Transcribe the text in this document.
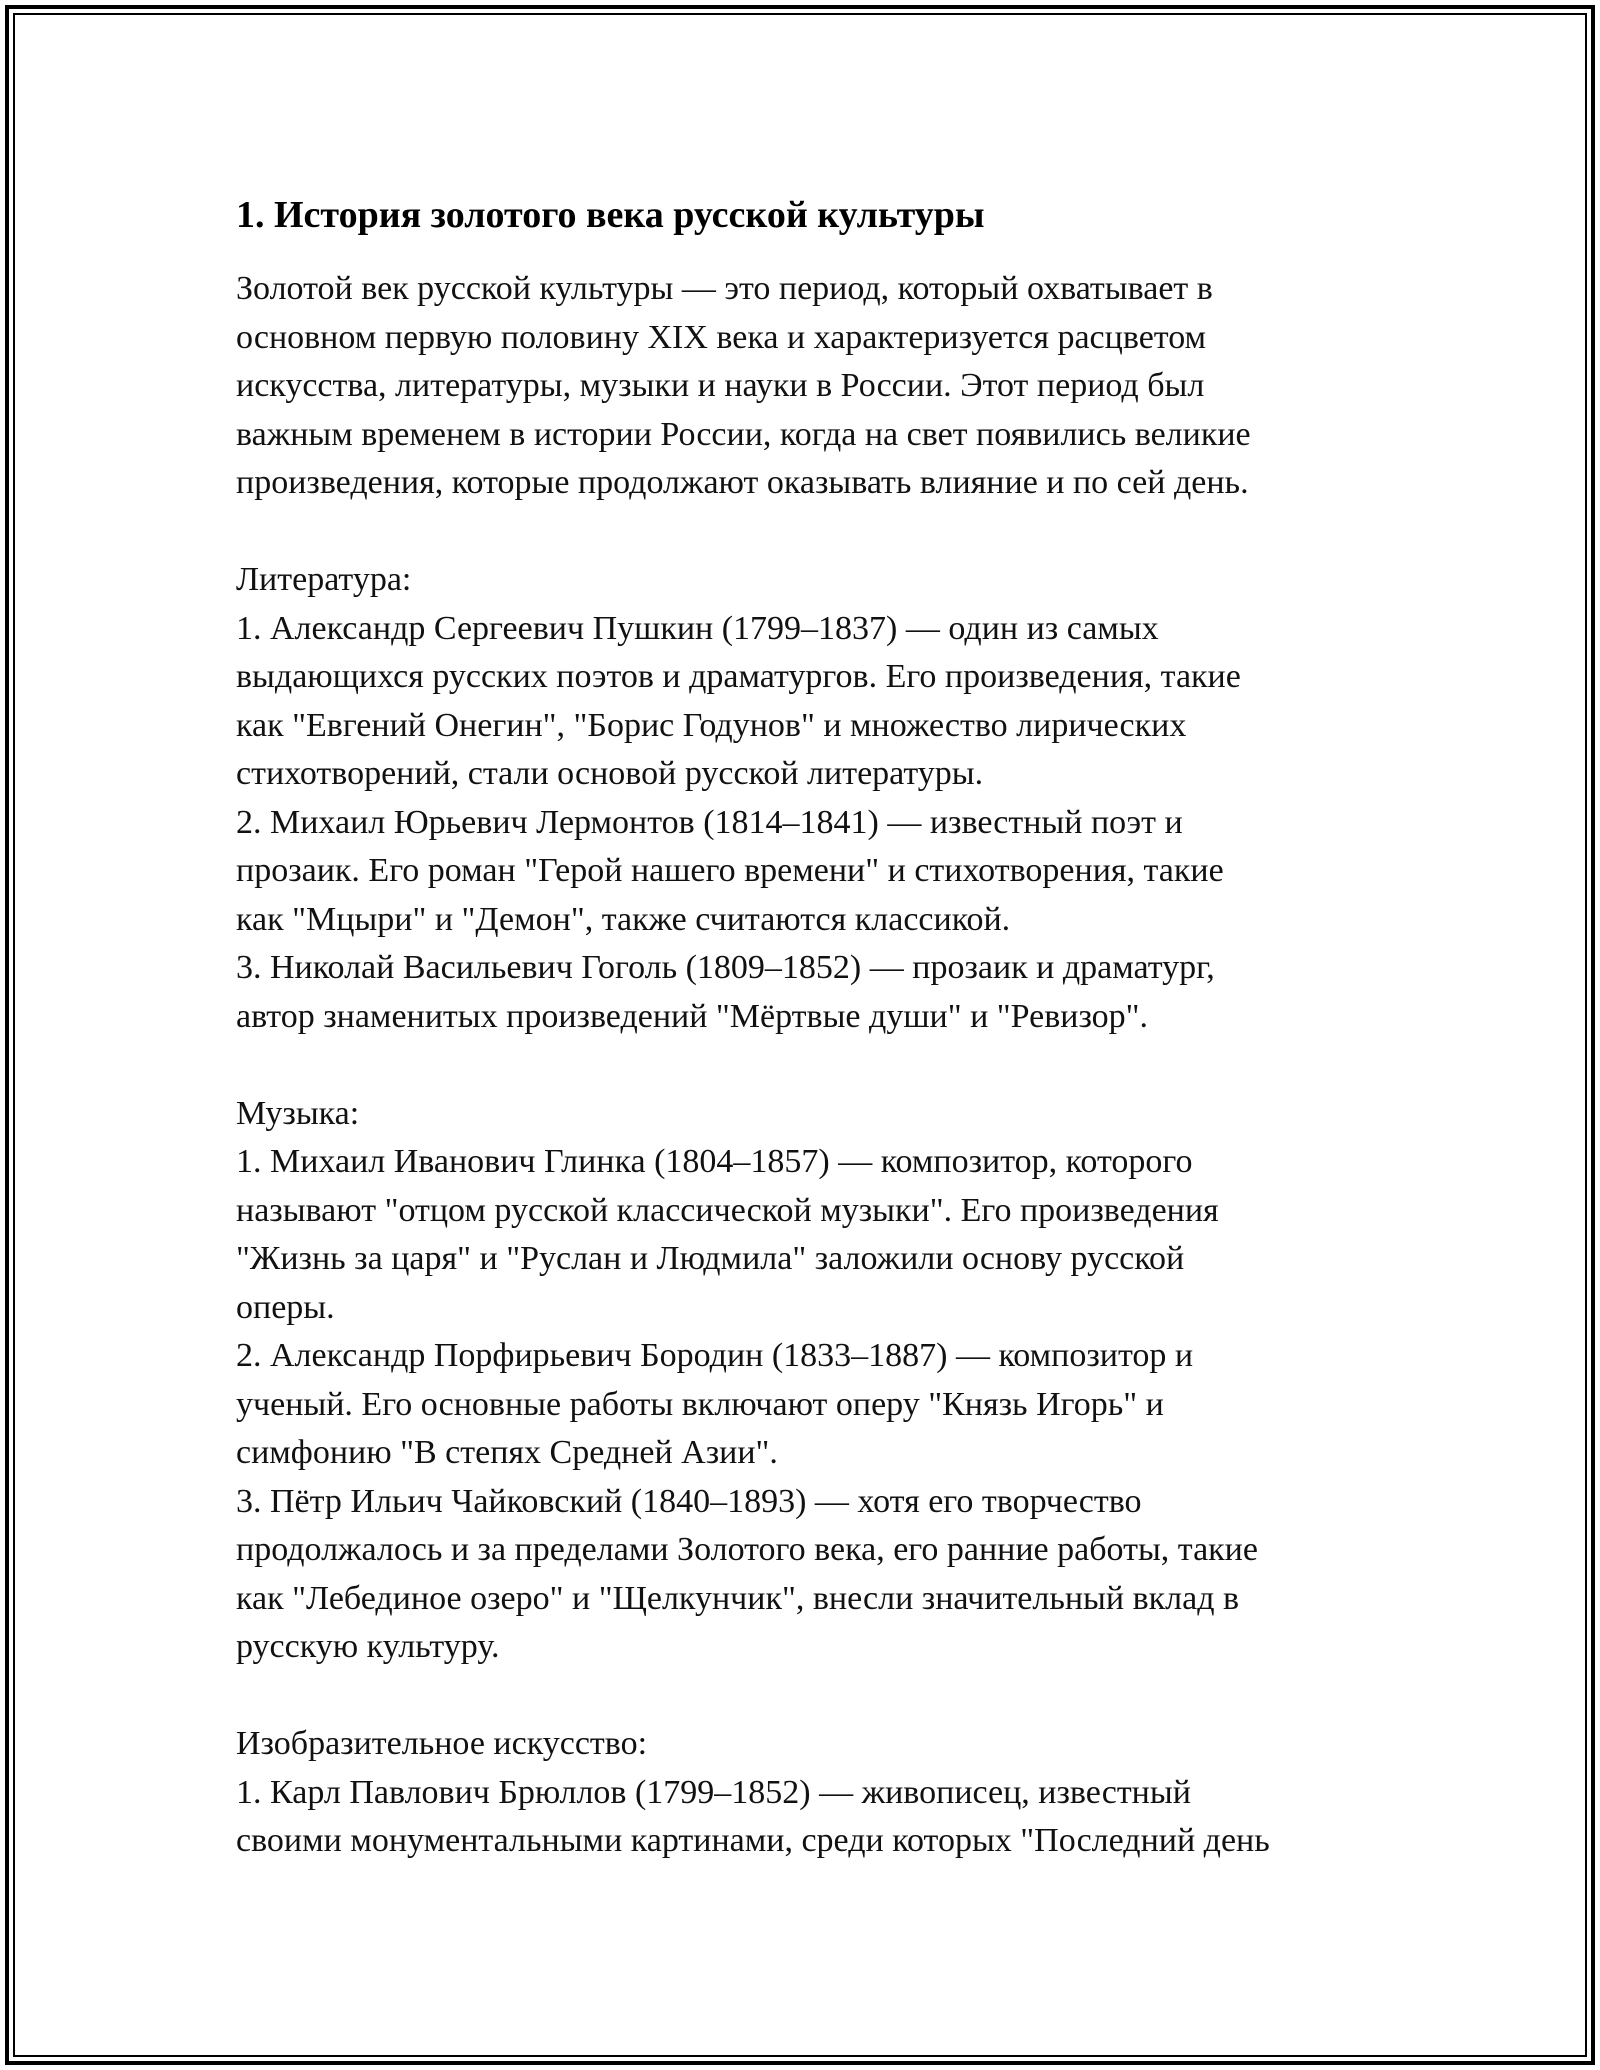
1. История золотого века русской культуры
Золотой век русской культуры — это период, который охватывает в
основном первую половину XIX века и характеризуется расцветом
искусства, литературы, музыки и науки в России. Этот период был
важным временем в истории России, когда на свет появились великие
произведения, которые продолжают оказывать влияние и по сей день.
Литература:
1. Александр Сергеевич Пушкин (1799–1837) — один из самых
выдающихся русских поэтов и драматургов. Его произведения, такие
как "Евгений Онегин", "Борис Годунов" и множество лирических
стихотворений, стали основой русской литературы.
2. Михаил Юрьевич Лермонтов (1814–1841) — известный поэт и
прозаик. Его роман "Герой нашего времени" и стихотворения, такие
как "Мцыри" и "Демон", также считаются классикой.
3. Николай Васильевич Гоголь (1809–1852) — прозаик и драматург,
автор знаменитых произведений "Мёртвые души" и "Ревизор".
Музыка:
1. Михаил Иванович Глинка (1804–1857) — композитор, которого
называют "отцом русской классической музыки". Его произведения
"Жизнь за царя" и "Руслан и Людмила" заложили основу русской
оперы.
2. Александр Порфирьевич Бородин (1833–1887) — композитор и
ученый. Его основные работы включают оперу "Князь Игорь" и
симфонию "В степях Средней Азии".
3. Пётр Ильич Чайковский (1840–1893) — хотя его творчество
продолжалось и за пределами Золотого века, его ранние работы, такие
как "Лебединое озеро" и "Щелкунчик", внесли значительный вклад в
русскую культуру.
Изобразительное искусство:
1. Карл Павлович Брюллов (1799–1852) — живописец, известный
своими монументальными картинами, среди которых "Последний день
